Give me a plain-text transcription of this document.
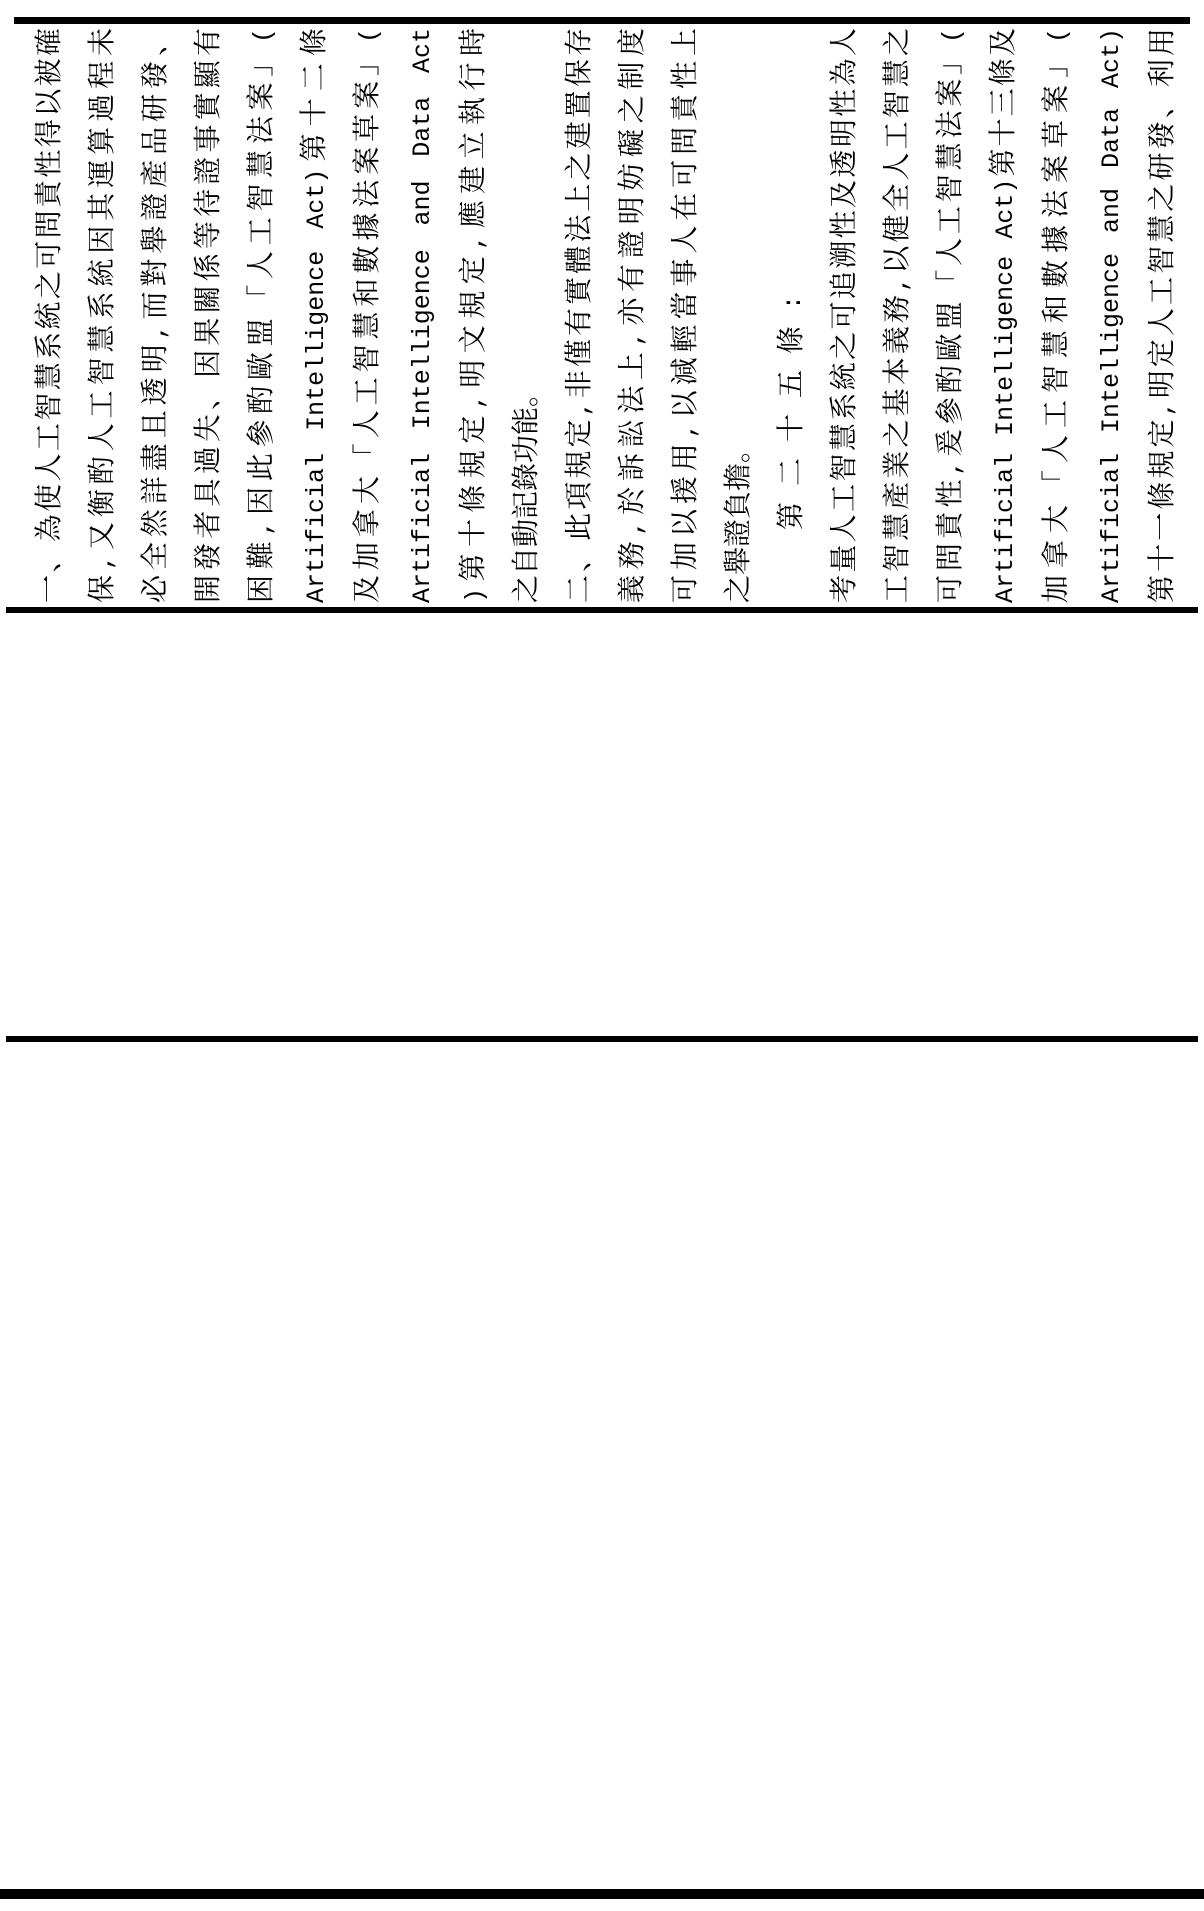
一、為使人工智慧系統之可問責性得以被確 保,又衡酌人工智慧系統因其運算過程未 必全然詳盡且透明,而對舉證產品研發、 開發者具過失、因果關係等待證事實顯有 困難,因此參酌歐盟「人工智慧法案」(
Artificial Intelligence Act)第十二條 及加拿大「人工智慧和數據法案草案」( Artificial Intelligence and Data Act )第十條規定,明文規定,應建立執行時
之自動記錄功能。 二、此項規定,非僅有實體法上之建置保存
義務,於訴訟法上,亦有證明妨礙之制度
可加以援用,以減輕當事人在可問責性上
之舉證負擔。 第二十五條: 考量人工智慧系統之可追溯性及透明性為人 工智慧產業之基本義務,以健全人工智慧之
可問責性,爰參酌歐盟「人工智慧法案」(
Artificial Intelligence Act)第十三條及 加拿大「人工智慧和數據法案草案」( Artificial Intelligence and Data Act) 第十一條規定,明定人工智慧之研發、利用
